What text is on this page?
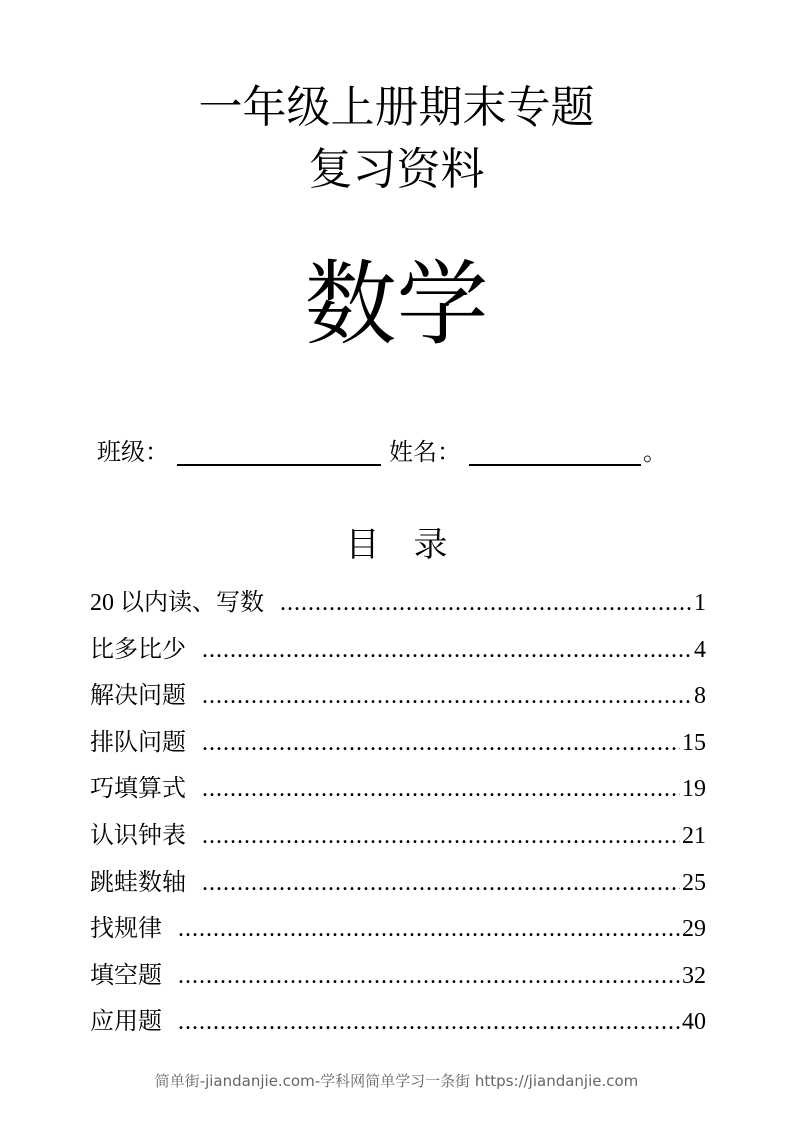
一年级上册期末专题
复习资料
数学
班级：	姓名：	。
目　录
20 以内读、写数 .....	1
比多比少 .....	4
解决问题 .....	8
排队问题 .....	15
巧填算式 .....	19
认识钟表 .....	21
跳蛙数轴 .....	25
找规律 .....	29
填空题 .....	32
应用题 .....	40
简单街-jiandanjie.com-学科网简单学习一条街 https://jiandanjie.com
